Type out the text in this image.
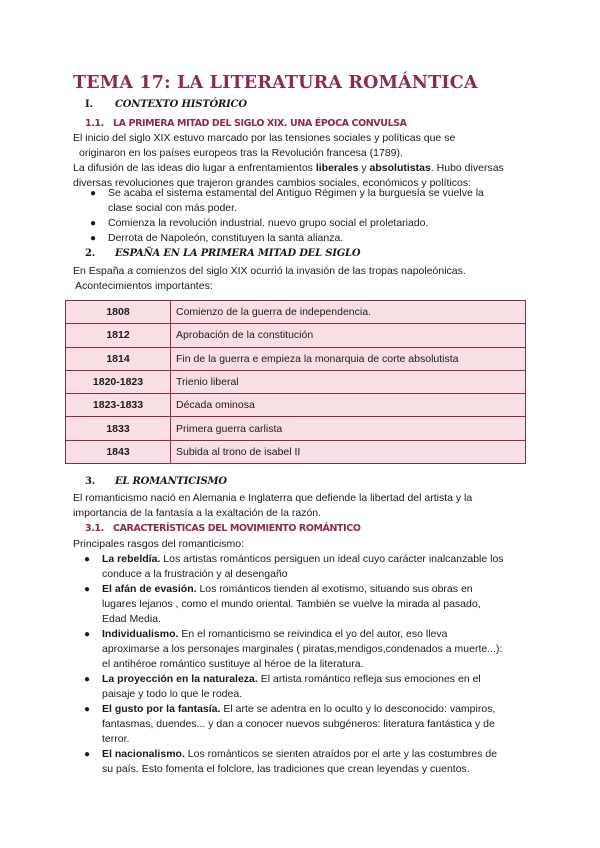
TEMA 17: LA LITERATURA ROMÁNTICA
I. CONTEXTO HISTÓRICO
1.1. LA PRIMERA MITAD DEL SIGLO XIX. UNA ÉPOCA CONVULSA
El inicio del siglo XIX estuvo marcado por las tensiones sociales y políticas que se
originaron en los países europeos tras la Revolución francesa (1789).
La difusión de las ideas dio lugar a enfrentamientos liberales y absolutistas. Hubo diversas
diversas revoluciones que trajeron grandes cambios sociales, económicos y políticos:
● Se acaba el sistema estamental del Antiguo Régimen y la burguesía se vuelve la
clase social con más poder.
● Comienza la revolución industrial. nuevo grupo social el proletariado.
● Derrota de Napoleón, constituyen la santa alianza.
2. ESPAÑA EN LA PRIMERA MITAD DEL SIGLO
En España a comienzos del siglo XIX ocurrió la invasión de las tropas napoleónicas.
Acontecimientos importantes:
1808	Comienzo de la guerra de independencia.
1812	Aprobación de la constitución
1814	Fin de la guerra e empieza la monarquia de corte absolutista
1820-1823	Trienio liberal
1823-1833	Década ominosa
1833	Primera guerra carlista
1843	Subida al trono de isabel II
3. EL ROMANTICISMO
El romanticismo nació en Alemania e Inglaterra que defiende la libertad del artista y la
importancia de la fantasía a la exaltación de la razón.
3.1. CARACTERÍSTICAS DEL MOVIMIENTO ROMÁNTICO
Principales rasgos del romanticismo:
● La rebeldía. Los artistas románticos persiguen un ideal cuyo carácter inalcanzable los
conduce a la frustración y al desengaño
● El afán de evasión. Los románticos tienden al exotismo, situando sus obras en
lugares lejanos , como el mundo oriental. También se vuelve la mirada al pasado,
Edad Media.
● Individualismo. En el romanticismo se reivindica el yo del autor, eso lleva
aproximarse a los personajes marginales ( piratas,mendigos,condenados a muerte...):
el antihéroe romántico sustituye al héroe de la literatura.
● La proyección en la naturaleza. El artista romántico refleja sus emociones en el
paisaje y todo lo que le rodea.
● El gusto por la fantasía. El arte se adentra en lo oculto y lo desconocido: vampiros,
fantasmas, duendes... y dan a conocer nuevos subgéneros: literatura fantástica y de
terror.
● El nacionalismo. Los románticos se sienten atraídos por el arte y las costumbres de
su país. Esto fomenta el folclore, las tradiciones que crean leyendas y cuentos.
